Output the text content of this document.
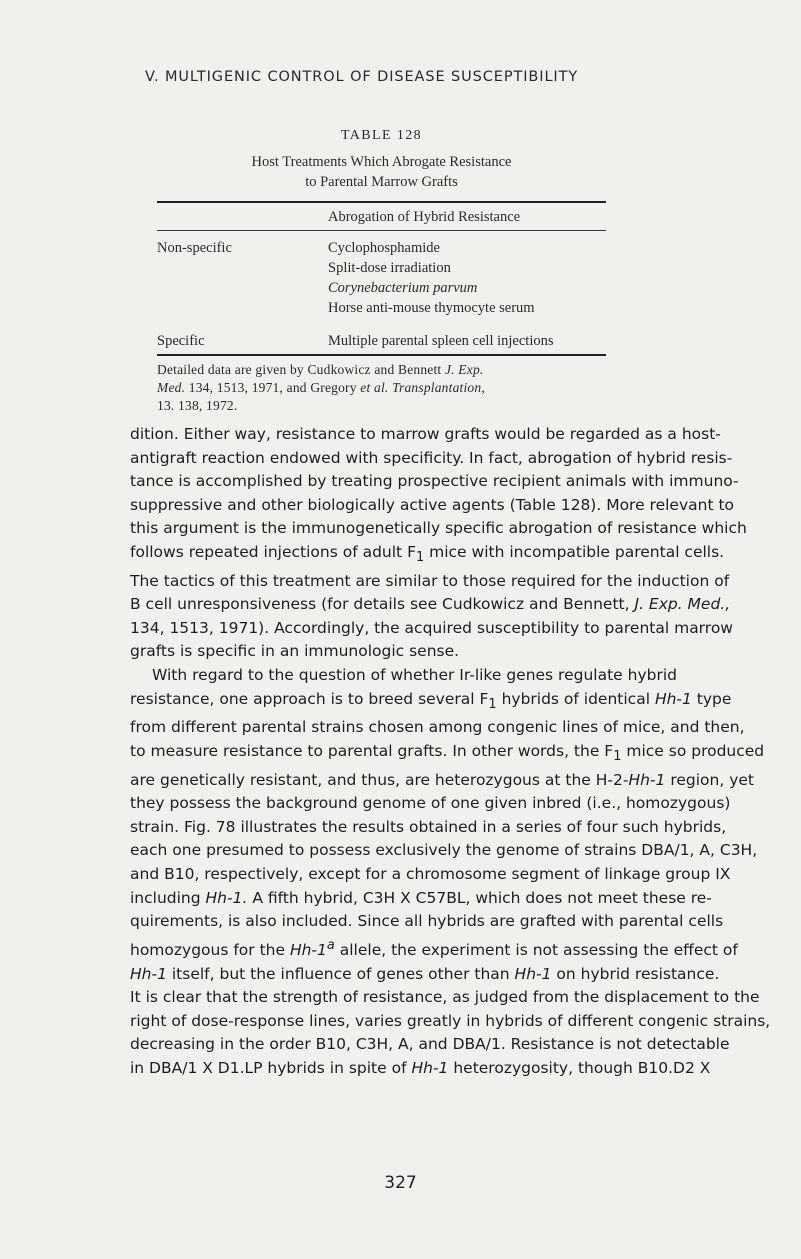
V. MULTIGENIC CONTROL OF DISEASE SUSCEPTIBILITY
TABLE 128
Host Treatments Which Abrogate Resistance
to Parental Marrow Grafts
Abrogation of Hybrid Resistance
Non-specific	Cyclophosphamide
Split-dose irradiation
Corynebacterium parvum
Horse anti-mouse thymocyte serum
Specific	Multiple parental spleen cell injections
Detailed data are given by Cudkowicz and Bennett J. Exp.
Med. 134, 1513, 1971, and Gregory et al. Transplantation,
13. 138, 1972.
dition. Either way, resistance to marrow grafts would be regarded as a host-
antigraft reaction endowed with specificity. In fact, abrogation of hybrid resis-
tance is accomplished by treating prospective recipient animals with immuno-
suppressive and other biologically active agents (Table 128). More relevant to
this argument is the immunogenetically specific abrogation of resistance which
follows repeated injections of adult $F_1$ mice with incompatible parental cells.
The tactics of this treatment are similar to those required for the induction of
B cell unresponsiveness (for details see Cudkowicz and Bennett, J. Exp. Med.,
134, 1513, 1971). Accordingly, the acquired susceptibility to parental marrow
grafts is specific in an immunologic sense.
With regard to the question of whether Ir-like genes regulate hybrid
resistance, one approach is to breed several $F_1$ hybrids of identical Hh-1 type
from different parental strains chosen among congenic lines of mice, and then,
to measure resistance to parental grafts. In other words, the $F_1$ mice so produced
are genetically resistant, and thus, are heterozygous at the H-2-Hh-1 region, yet
they possess the background genome of one given inbred (i.e., homozygous)
strain. Fig. 78 illustrates the results obtained in a series of four such hybrids,
each one presumed to possess exclusively the genome of strains DBA/1, A, C3H,
and B10, respectively, except for a chromosome segment of linkage group IX
including Hh-1. A fifth hybrid, C3H X C57BL, which does not meet these re-
quirements, is also included. Since all hybrids are grafted with parental cells
homozygous for the Hh-1$^a$ allele, the experiment is not assessing the effect of
Hh-1 itself, but the influence of genes other than Hh-1 on hybrid resistance.
It is clear that the strength of resistance, as judged from the displacement to the
right of dose-response lines, varies greatly in hybrids of different congenic strains,
decreasing in the order B10, C3H, A, and DBA/1. Resistance is not detectable
in DBA/1 X D1.LP hybrids in spite of Hh-1 heterozygosity, though B10.D2 X
327
